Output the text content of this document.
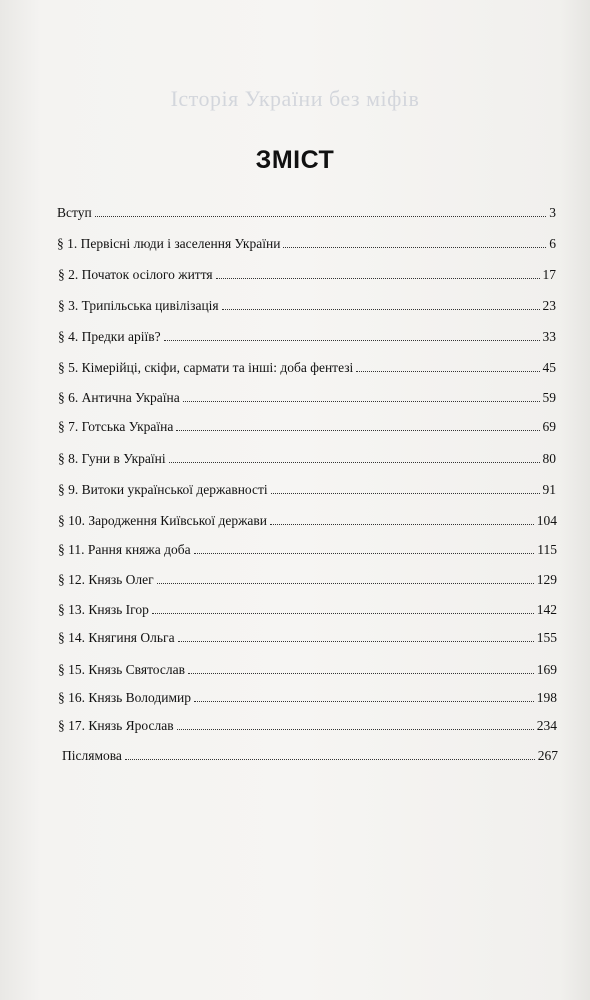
Історія України без міфів
ЗМІСТ
Вступ	3
§ 1. Первісні люди і заселення України	6
§ 2. Початок осілого життя	17
§ 3. Трипільська цивілізація	23
§ 4. Предки аріїв?	33
§ 5. Кімерійці, скіфи, сармати та інші: доба фентезі	45
§ 6. Антична Україна	59
§ 7. Готська Україна	69
§ 8. Гуни в Україні	80
§ 9. Витоки української державності	91
§ 10. Зародження Київської держави	104
§ 11. Рання княжа доба	115
§ 12. Князь Олег	129
§ 13. Князь Ігор	142
§ 14. Княгиня Ольга	155
§ 15. Князь Святослав	169
§ 16. Князь Володимир	198
§ 17. Князь Ярослав	234
Післямова	267
